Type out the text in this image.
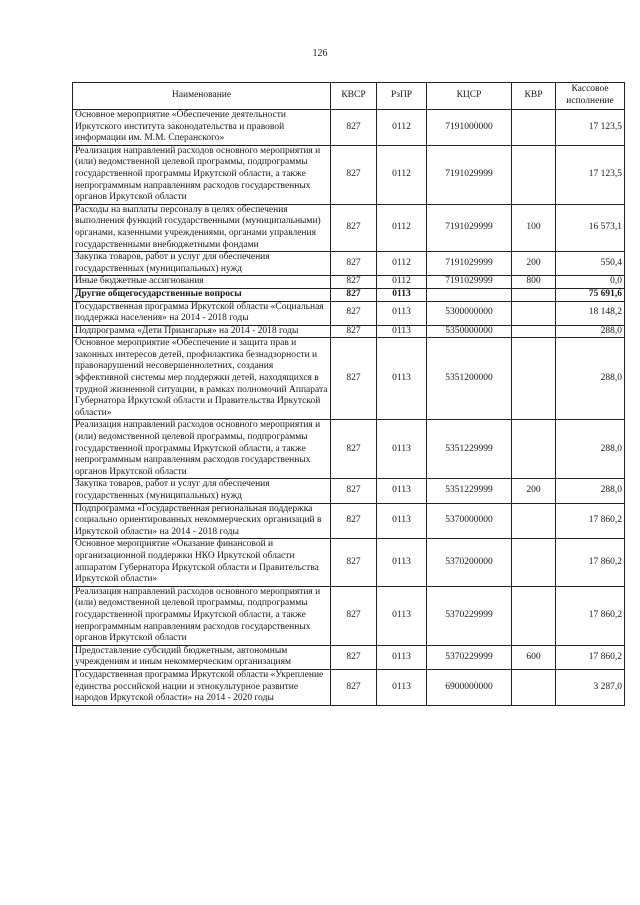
126
Наименование	КВСР	РзПР	КЦСР	КВР	Кассовое исполнение
Основное мероприятие «Обеспечение деятельности Иркутского института законодательства и правовой информации им. М.М. Сперанского»	827	0112	7191000000		17 123,5
Реализация направлений расходов основного мероприятия и (или) ведомственной целевой программы, подпрограммы государственной программы Иркутской области, а также непрограммным направлениям расходов государственных органов Иркутской области	827	0112	7191029999		17 123,5
Расходы на выплаты персоналу в целях обеспечения выполнения функций государственными (муниципальными) органами, казенными учреждениями, органами управления государственными внебюджетными фондами	827	0112	7191029999	100	16 573,1
Закупка товаров, работ и услуг для обеспечения государственных (муниципальных) нужд	827	0112	7191029999	200	550,4
Иные бюджетные ассигнования	827	0112	7191029999	800	0,0
Другие общегосударственные вопросы	827	0113			75 691,6
Государственная программа Иркутской области «Социальная поддержка населения» на 2014 - 2018 годы	827	0113	5300000000		18 148,2
Подпрограмма «Дети Приангарья» на 2014 - 2018 годы	827	0113	5350000000		288,0
Основное мероприятие «Обеспечение и защита прав и законных интересов детей, профилактика безнадзорности и правонарушений несовершеннолетних, создания эффективной системы мер поддержки детей, находящихся в трудной жизненной ситуации, в рамках полномочий Аппарата Губернатора Иркутской области и Правительства Иркутской области»	827	0113	5351200000		288,0
Реализация направлений расходов основного мероприятия и (или) ведомственной целевой программы, подпрограммы государственной программы Иркутской области, а также непрограммным направлениям расходов государственных органов Иркутской области	827	0113	5351229999		288,0
Закупка товаров, работ и услуг для обеспечения государственных (муниципальных) нужд	827	0113	5351229999	200	288,0
Подпрограмма «Государственная региональная поддержка социально ориентированных некоммерческих организаций в Иркутской области» на 2014 - 2018 годы	827	0113	5370000000		17 860,2
Основное мероприятие «Оказание финансовой и организационной поддержки НКО Иркутской области аппаратом Губернатора Иркутской области и Правительства Иркутской области»	827	0113	5370200000		17 860,2
Реализация направлений расходов основного мероприятия и (или) ведомственной целевой программы, подпрограммы государственной программы Иркутской области, а также непрограммным направлениям расходов государственных органов Иркутской области	827	0113	5370229999		17 860,2
Предоставление субсидий бюджетным, автономным учреждениям и иным некоммерческим организациям	827	0113	5370229999	600	17 860,2
Государственная программа Иркутской области «Укрепление единства российской нации и этнокультурное развитие народов Иркутской области» на 2014 - 2020 годы	827	0113	6900000000		3 287,0
